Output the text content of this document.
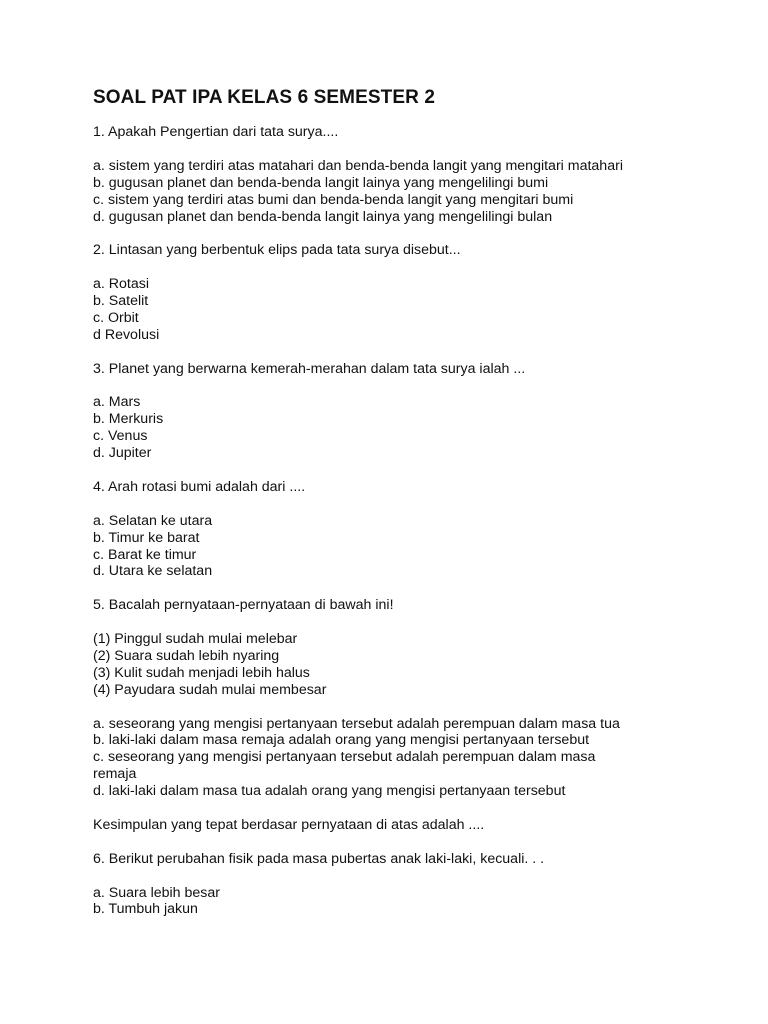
SOAL PAT IPA KELAS 6 SEMESTER 2
1. Apakah Pengertian dari tata surya....
a. sistem yang terdiri atas matahari dan benda-benda langit yang mengitari matahari
b. gugusan planet dan benda-benda langit lainya yang mengelilingi bumi
c. sistem yang terdiri atas bumi dan benda-benda langit yang mengitari bumi
d. gugusan planet dan benda-benda langit lainya yang mengelilingi bulan
2. Lintasan yang berbentuk elips pada tata surya disebut...
a. Rotasi
b. Satelit
c. Orbit
d Revolusi
3. Planet yang berwarna kemerah-merahan dalam tata surya ialah ...
a. Mars
b. Merkuris
c. Venus
d. Jupiter
4. Arah rotasi bumi adalah dari ....
a. Selatan ke utara
b. Timur ke barat
c. Barat ke timur
d. Utara ke selatan
5. Bacalah pernyataan-pernyataan di bawah ini!
(1) Pinggul sudah mulai melebar
(2) Suara sudah lebih nyaring
(3) Kulit sudah menjadi lebih halus
(4) Payudara sudah mulai membesar
a. seseorang yang mengisi pertanyaan tersebut adalah perempuan dalam masa tua
b. laki-laki dalam masa remaja adalah orang yang mengisi pertanyaan tersebut
c. seseorang yang mengisi pertanyaan tersebut adalah perempuan dalam masa
remaja
d. laki-laki dalam masa tua adalah orang yang mengisi pertanyaan tersebut
Kesimpulan yang tepat berdasar pernyataan di atas adalah ....
6. Berikut perubahan fisik pada masa pubertas anak laki-laki, kecuali. . .
a. Suara lebih besar
b. Tumbuh jakun
